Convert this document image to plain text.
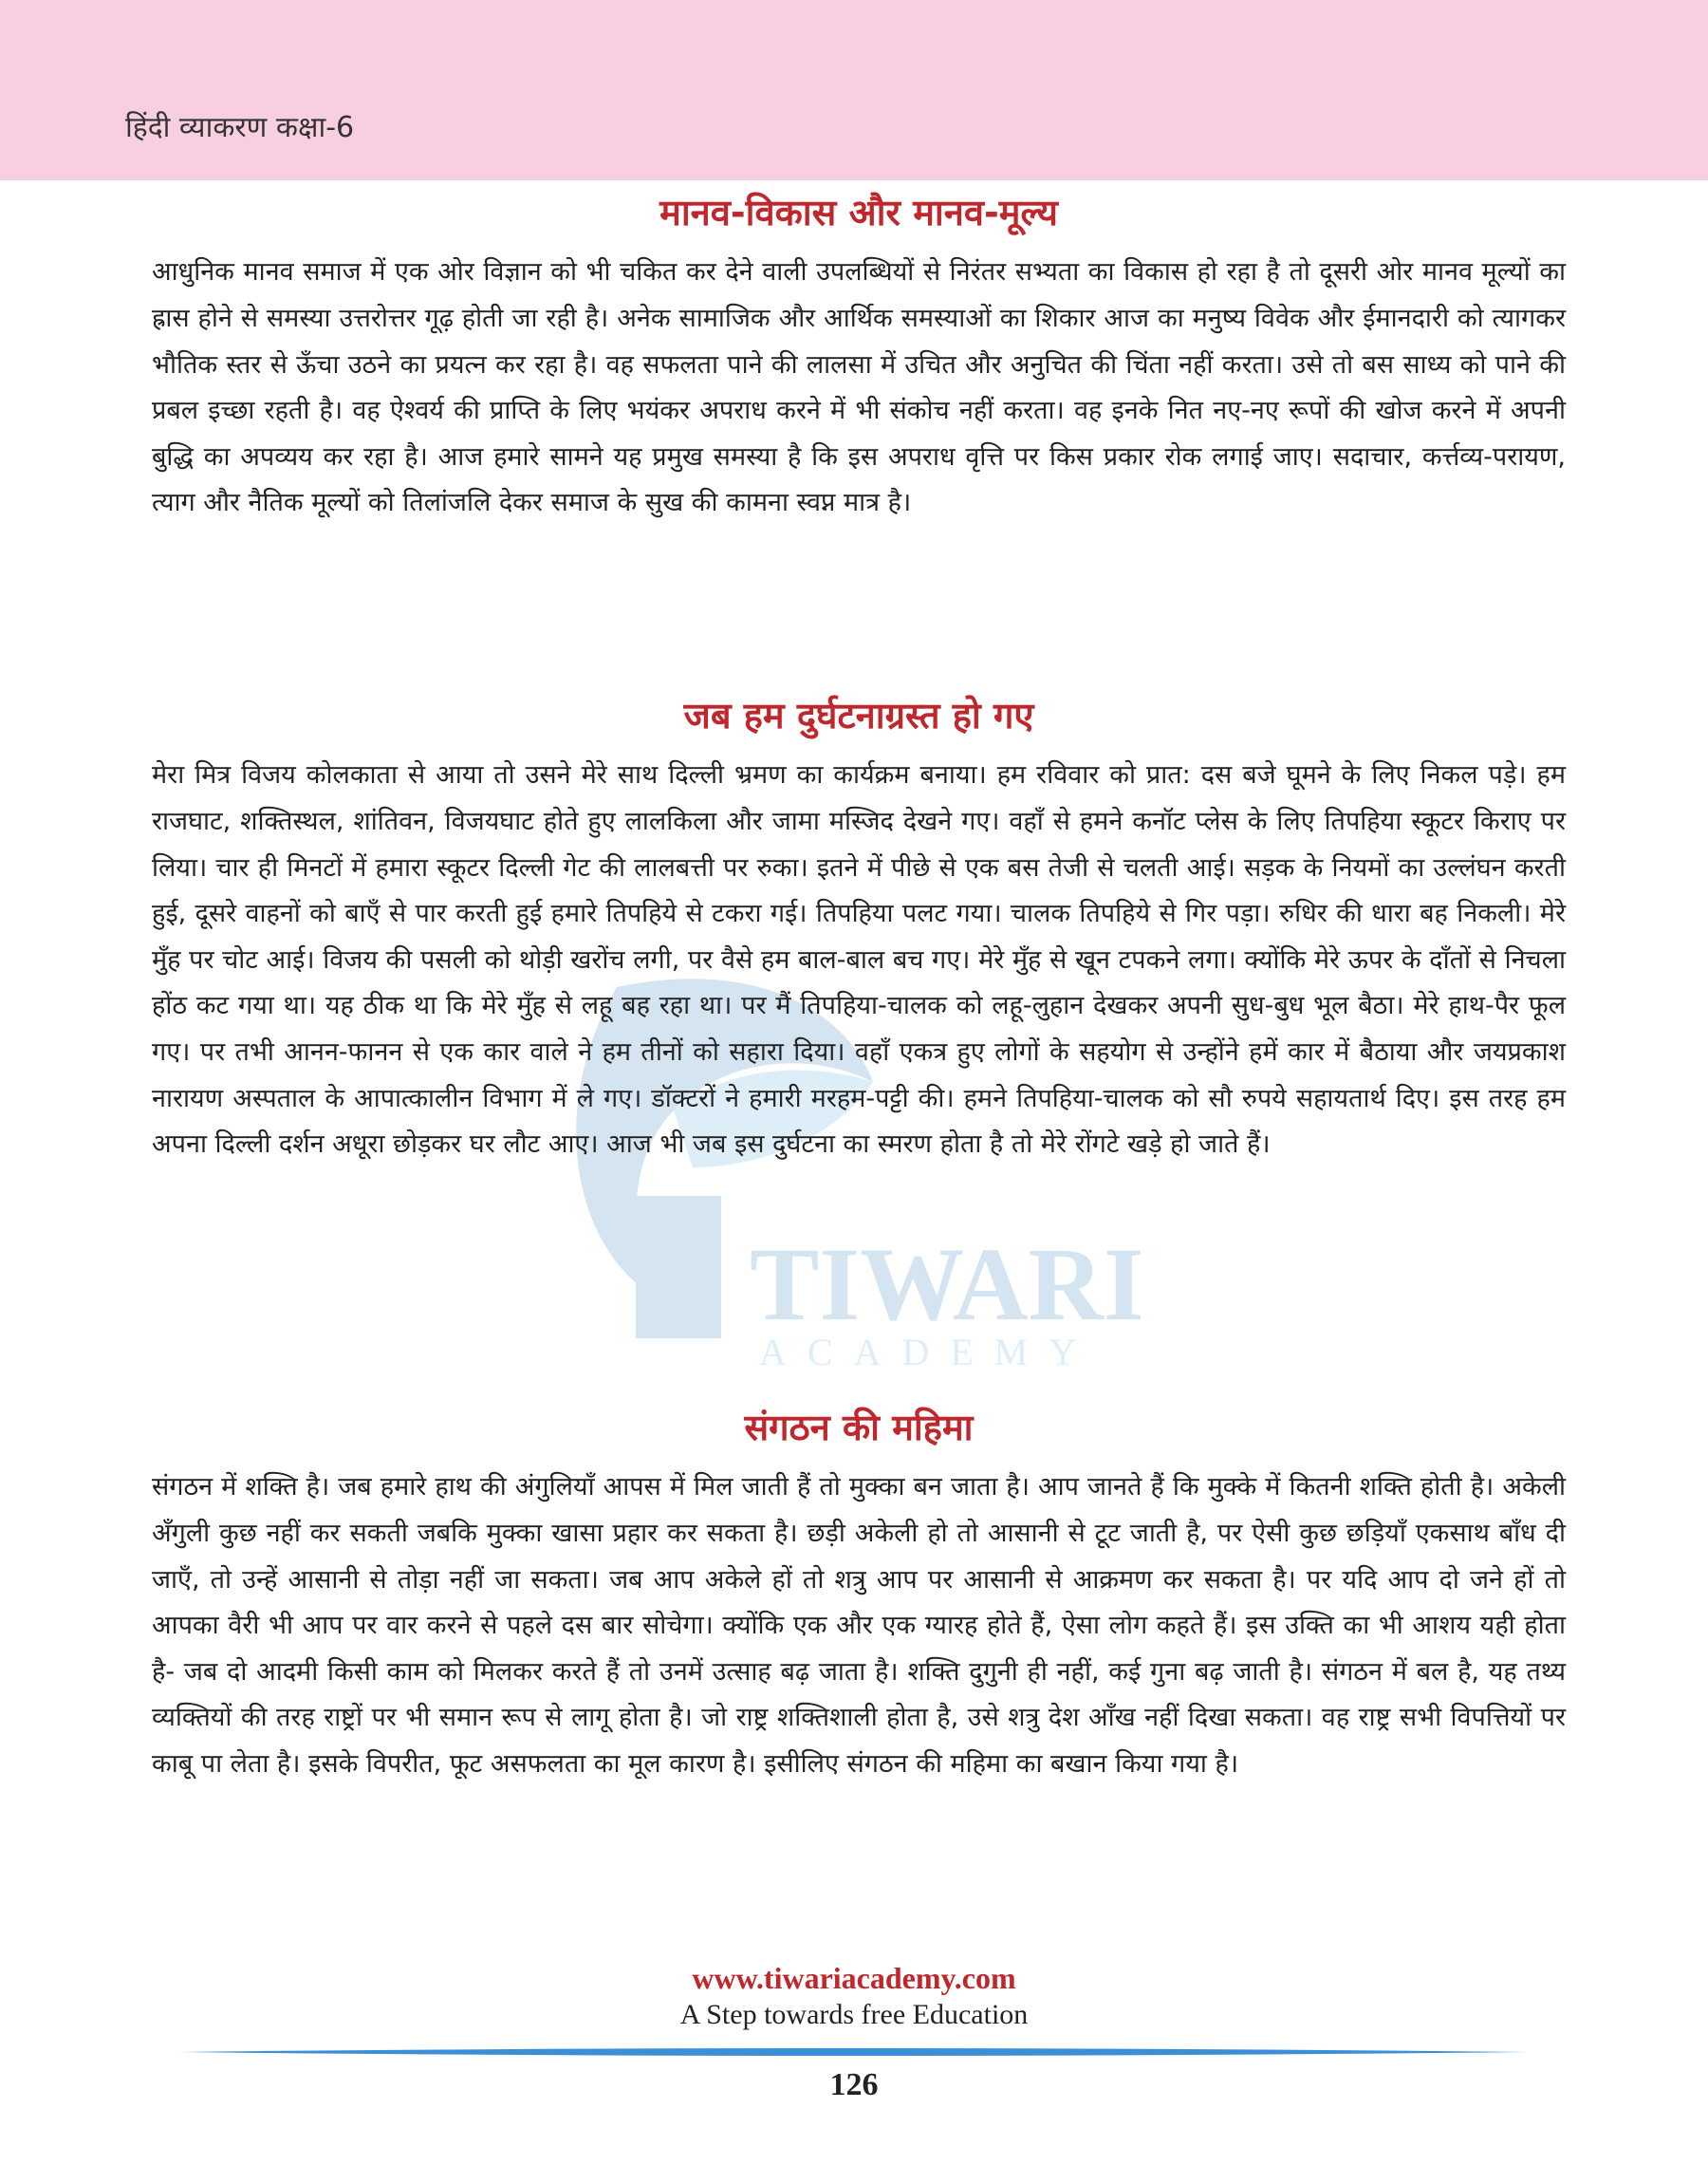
हिंदी व्याकरण कक्षा-6
TIWARI
ACADEMY
मानव-विकास और मानव-मूल्य

आधुनिक मानव समाज में एक ओर विज्ञान को भी चकित कर देने वाली उपलब्धियों से निरंतर सभ्यता का विकास हो रहा है तो दूसरी ओर मानव मूल्यों का ह्रास होने से समस्या उत्तरोत्तर गूढ़ होती जा रही है। अनेक सामाजिक और आर्थिक समस्याओं का शिकार आज का मनुष्य विवेक और ईमानदारी को त्यागकर भौतिक स्तर से ऊँचा उठने का प्रयत्न कर रहा है। वह सफलता पाने की लालसा में उचित और अनुचित की चिंता नहीं करता। उसे तो बस साध्य को पाने की प्रबल इच्छा रहती है। वह ऐश्वर्य की प्राप्ति के लिए भयंकर अपराध करने में भी संकोच नहीं करता। वह इनके नित नए-नए रूपों की खोज करने में अपनी बुद्धि का अपव्यय कर रहा है। आज हमारे सामने यह प्रमुख समस्या है कि इस अपराध वृत्ति पर किस प्रकार रोक लगाई जाए। सदाचार, कर्त्तव्य-परायण, त्याग और नैतिक मूल्यों को तिलांजलि देकर समाज के सुख की कामना स्वप्न मात्र है।

जब हम दुर्घटनाग्रस्त हो गए

मेरा मित्र विजय कोलकाता से आया तो उसने मेरे साथ दिल्ली भ्रमण का कार्यक्रम बनाया। हम रविवार को प्रात: दस बजे घूमने के लिए निकल पड़े। हम राजघाट, शक्तिस्थल, शांतिवन, विजयघाट होते हुए लालकिला और जामा मस्जिद देखने गए। वहाँ से हमने कनॉट प्लेस के लिए तिपहिया स्कूटर किराए पर लिया। चार ही मिनटों में हमारा स्कूटर दिल्ली गेट की लालबत्ती पर रुका। इतने में पीछे से एक बस तेजी से चलती आई। सड़क के नियमों का उल्लंघन करती हुई, दूसरे वाहनों को बाएँ से पार करती हुई हमारे तिपहिये से टकरा गई। तिपहिया पलट गया। चालक तिपहिये से गिर पड़ा। रुधिर की धारा बह निकली। मेरे मुँह पर चोट आई। विजय की पसली को थोड़ी खरोंच लगी, पर वैसे हम बाल-बाल बच गए। मेरे मुँह से खून टपकने लगा। क्योंकि मेरे ऊपर के दाँतों से निचला होंठ कट गया था। यह ठीक था कि मेरे मुँह से लहू बह रहा था। पर मैं तिपहिया-चालक को लहू-लुहान देखकर अपनी सुध-बुध भूल बैठा। मेरे हाथ-पैर फूल गए। पर तभी आनन-फानन से एक कार वाले ने हम तीनों को सहारा दिया। वहाँ एकत्र हुए लोगों के सहयोग से उन्होंने हमें कार में बैठाया और जयप्रकाश नारायण अस्पताल के आपात्कालीन विभाग में ले गए। डॉक्टरों ने हमारी मरहम-पट्टी की। हमने तिपहिया-चालक को सौ रुपये सहायतार्थ दिए। इस तरह हम अपना दिल्ली दर्शन अधूरा छोड़कर घर लौट आए। आज भी जब इस दुर्घटना का स्मरण होता है तो मेरे रोंगटे खड़े हो जाते हैं।

संगठन की महिमा

संगठन में शक्ति है। जब हमारे हाथ की अंगुलियाँ आपस में मिल जाती हैं तो मुक्का बन जाता है। आप जानते हैं कि मुक्के में कितनी शक्ति होती है। अकेली अँगुली कुछ नहीं कर सकती जबकि मुक्का खासा प्रहार कर सकता है। छड़ी अकेली हो तो आसानी से टूट जाती है, पर ऐसी कुछ छड़ियाँ एकसाथ बाँध दी जाएँ, तो उन्हें आसानी से तोड़ा नहीं जा सकता। जब आप अकेले हों तो शत्रु आप पर आसानी से आक्रमण कर सकता है। पर यदि आप दो जने हों तो आपका वैरी भी आप पर वार करने से पहले दस बार सोचेगा। क्योंकि एक और एक ग्यारह होते हैं, ऐसा लोग कहते हैं। इस उक्ति का भी आशय यही होता है- जब दो आदमी किसी काम को मिलकर करते हैं तो उनमें उत्साह बढ़ जाता है। शक्ति दुगुनी ही नहीं, कई गुना बढ़ जाती है। संगठन में बल है, यह तथ्य व्यक्तियों की तरह राष्ट्रों पर भी समान रूप से लागू होता है। जो राष्ट्र शक्तिशाली होता है, उसे शत्रु देश आँख नहीं दिखा सकता। वह राष्ट्र सभी विपत्तियों पर काबू पा लेता है। इसके विपरीत, फूट असफलता का मूल कारण है। इसीलिए संगठन की महिमा का बखान किया गया है।

www.tiwariacademy.com
A Step towards free Education
126
